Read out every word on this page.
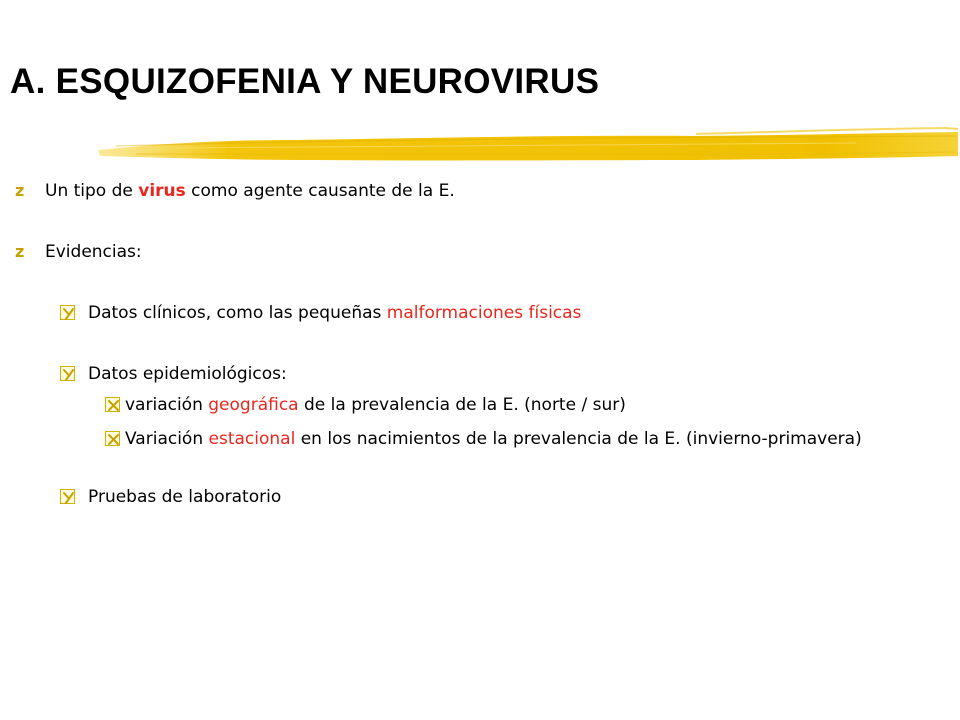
A. ESQUIZOFENIA Y NEUROVIRUS
z Un tipo de virus como agente causante de la E.
z Evidencias:
Datos clínicos, como las pequeñas malformaciones físicas
Datos epidemiológicos:
variación geográfica de la prevalencia de la E. (norte / sur)
Variación estacional en los nacimientos de la prevalencia de la E. (invierno-primavera)
Pruebas de laboratorio
